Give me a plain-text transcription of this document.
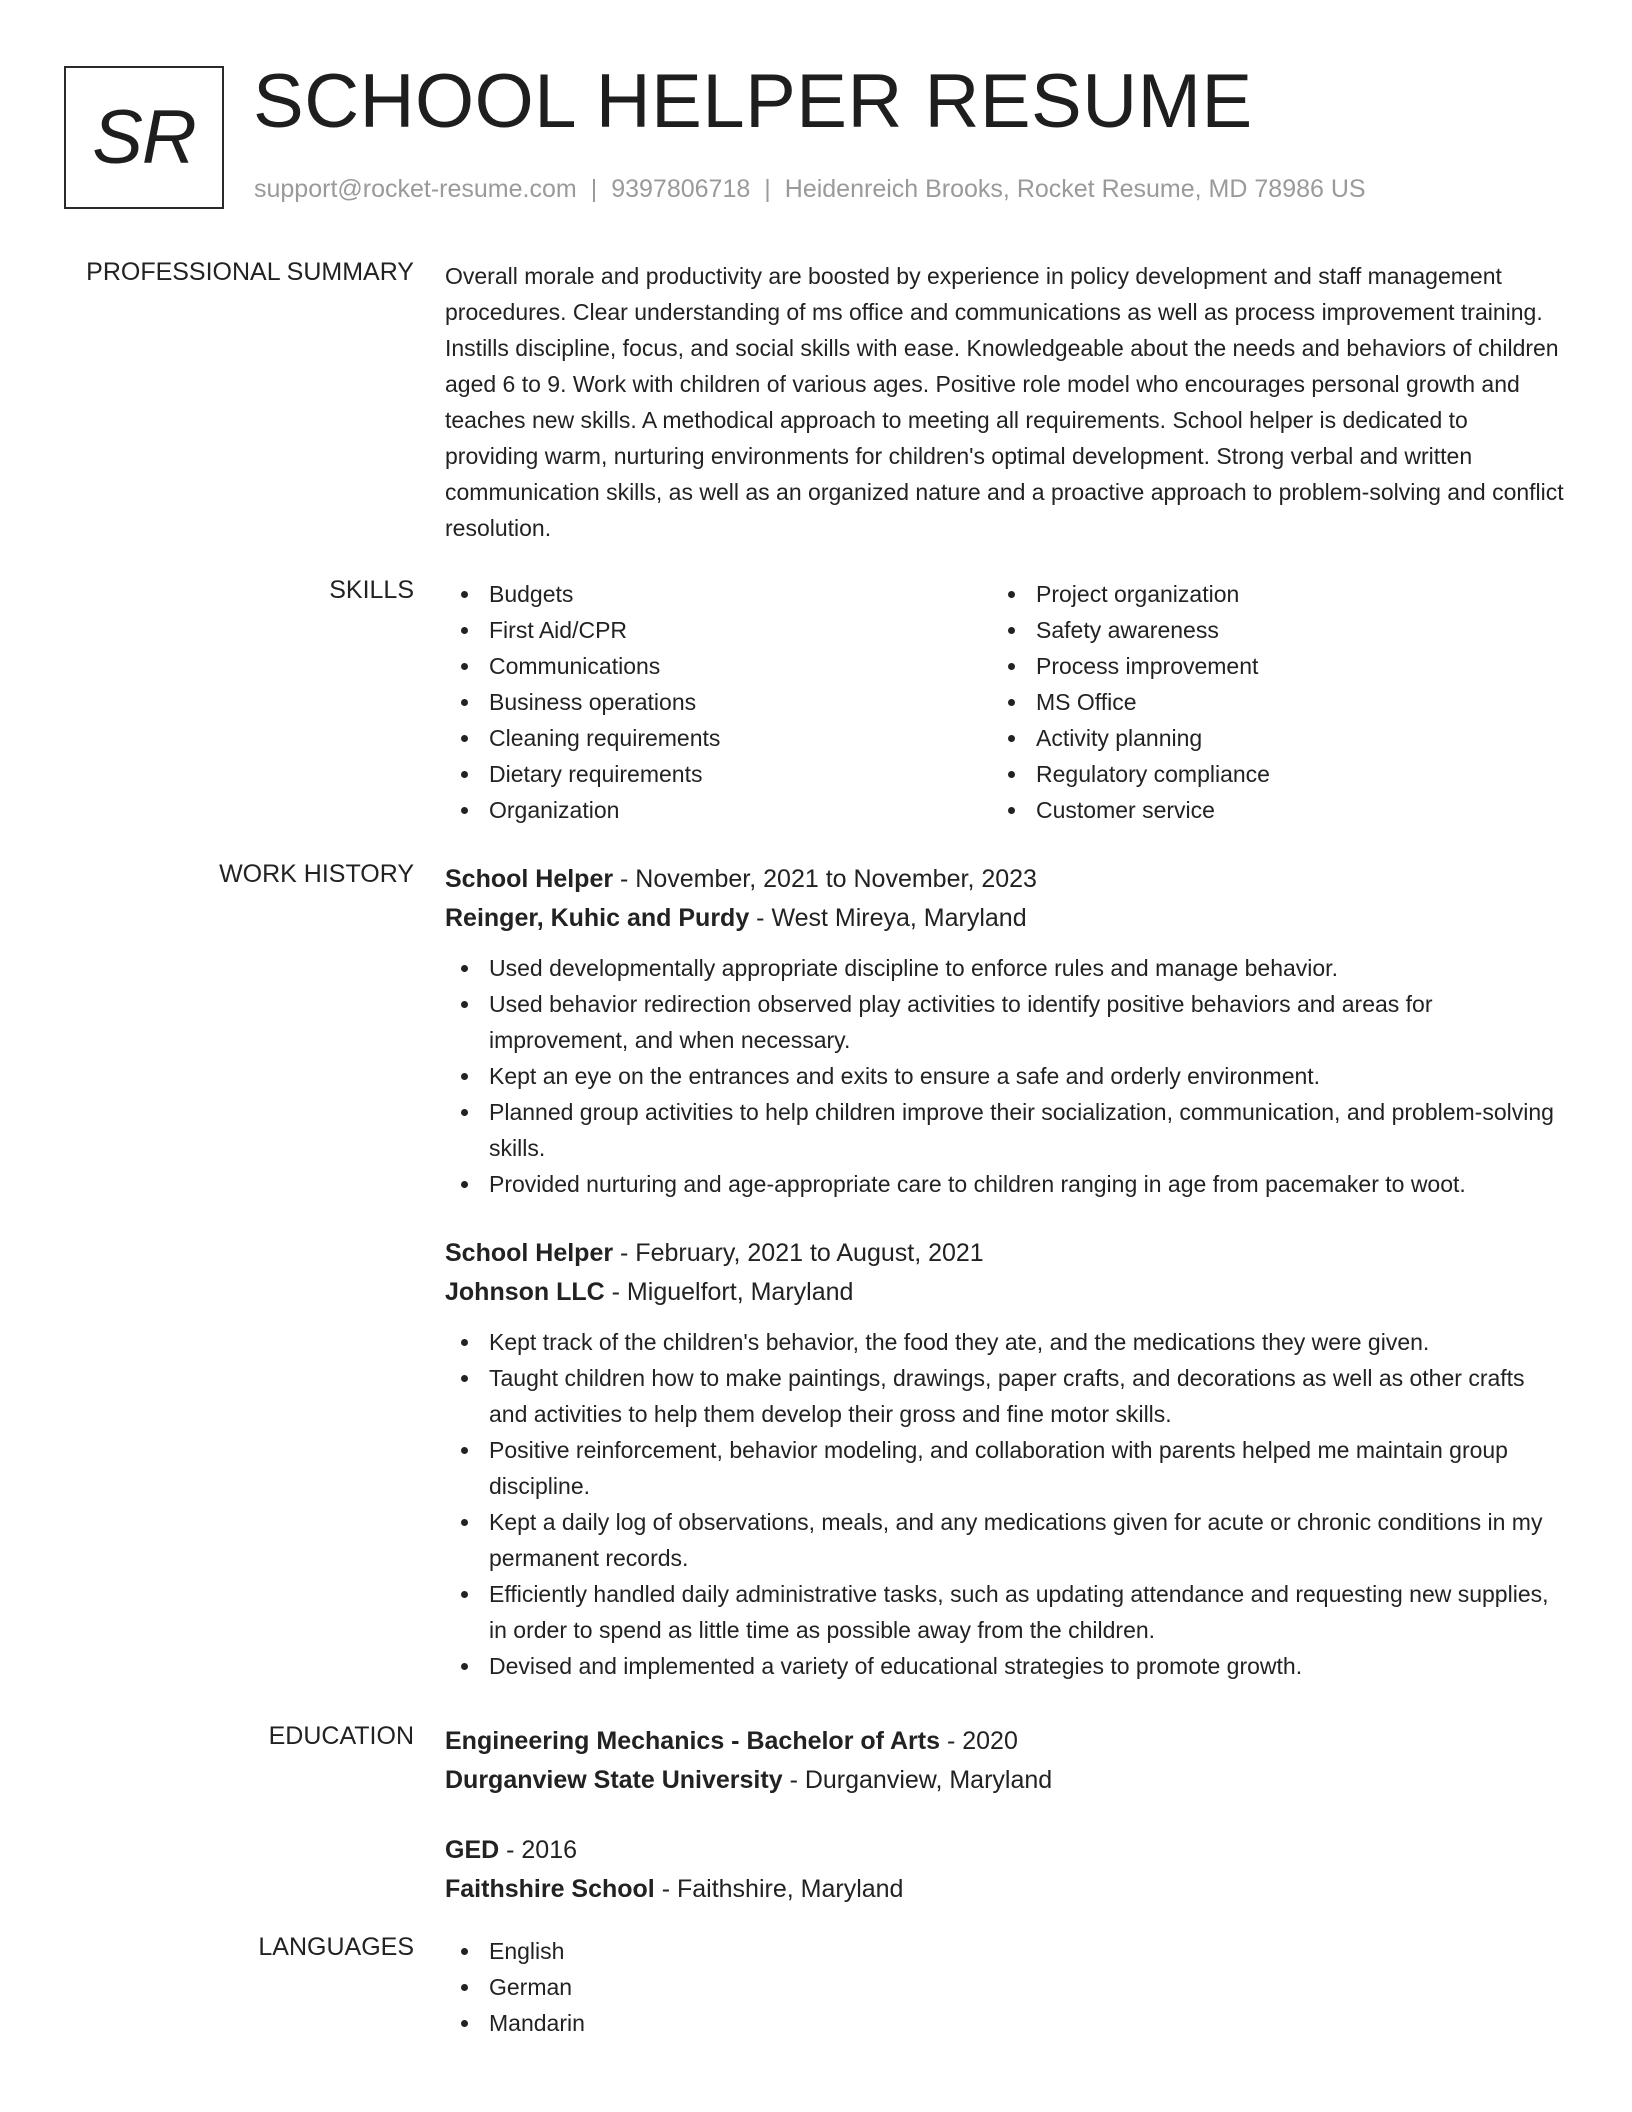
SR SCHOOL HELPER RESUME
support@rocket-resume.com | 9397806718 | Heidenreich Brooks, Rocket Resume, MD 78986 US
PROFESSIONAL SUMMARY Overall morale and productivity are boosted by experience in policy development and staff management procedures. Clear understanding of ms office and communications as well as process improvement training. Instills discipline, focus, and social skills with ease. Knowledgeable about the needs and behaviors of children aged 6 to 9. Work with children of various ages. Positive role model who encourages personal growth and teaches new skills. A methodical approach to meeting all requirements. School helper is dedicated to providing warm, nurturing environments for children's optimal development. Strong verbal and written communication skills, as well as an organized nature and a proactive approach to problem-solving and conflict resolution.
SKILLS	Budgets
First Aid/CPR
Communications
Business operations
Cleaning requirements
Dietary requirements
Organization
Project organization
Safety awareness
Process improvement
MS Office
Activity planning
Regulatory compliance
Customer service
WORK HISTORY School Helper - November, 2021 to November, 2023
Reinger, Kuhic and Purdy - West Mireya, Maryland
Used developmentally appropriate discipline to enforce rules and manage behavior.
Used behavior redirection observed play activities to identify positive behaviors and areas for improvement, and when necessary.
Kept an eye on the entrances and exits to ensure a safe and orderly environment.
Planned group activities to help children improve their socialization, communication, and problem-solving skills.
Provided nurturing and age-appropriate care to children ranging in age from pacemaker to woot.
School Helper - February, 2021 to August, 2021
Johnson LLC - Miguelfort, Maryland
Kept track of the children's behavior, the food they ate, and the medications they were given.
Taught children how to make paintings, drawings, paper crafts, and decorations as well as other crafts and activities to help them develop their gross and fine motor skills.
Positive reinforcement, behavior modeling, and collaboration with parents helped me maintain group discipline.
Kept a daily log of observations, meals, and any medications given for acute or chronic conditions in my permanent records.
Efficiently handled daily administrative tasks, such as updating attendance and requesting new supplies, in order to spend as little time as possible away from the children.
Devised and implemented a variety of educational strategies to promote growth.
EDUCATION Engineering Mechanics - Bachelor of Arts - 2020
Durganview State University - Durganview, Maryland
GED - 2016
Faithshire School - Faithshire, Maryland
LANGUAGES	English
German
Mandarin
